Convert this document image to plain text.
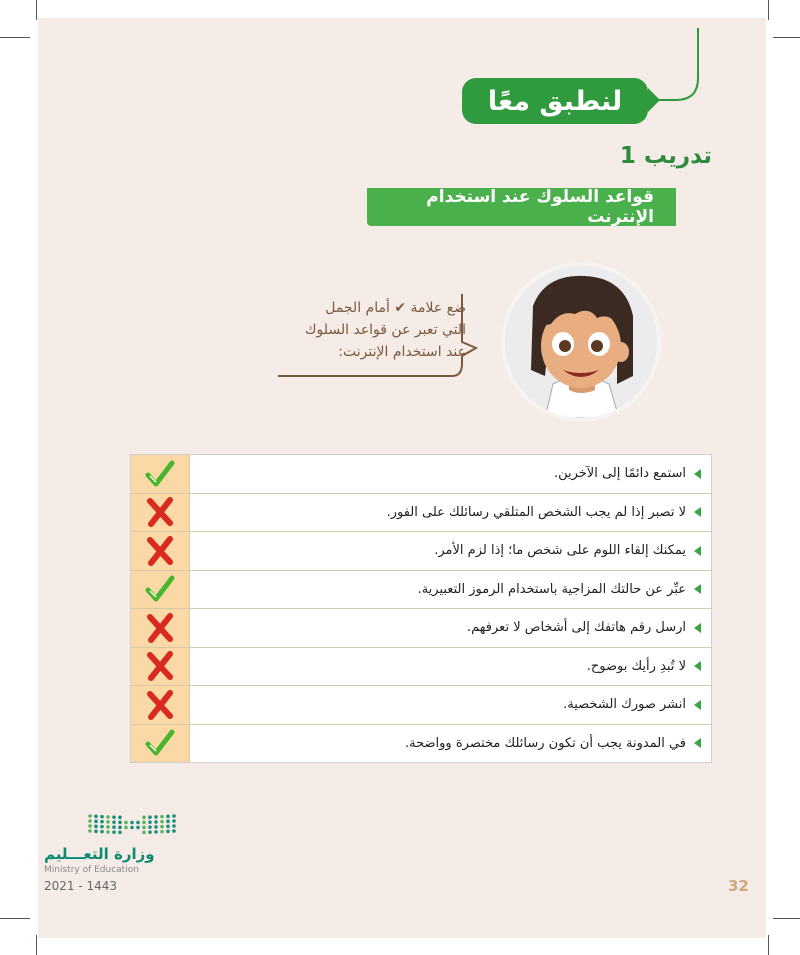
لنطبق معًا
تدريب 1
قواعد السلوك عند استخدام الإنترنت
ضع علامة ✔ أمام الجمل
التي تعبر عن قواعد السلوك
عند استخدام الإنترنت:
استمع دائمًا إلى الآخرين.
لا تصبر إذا لم يجب الشخص المتلقي رسائلك على الفور.
يمكنك إلقاء اللوم على شخص ما؛ إذا لزم الأمر.
عبِّر عن حالتك المزاجية باستخدام الرموز التعبيرية.
ارسل رقم هاتفك إلى أشخاص لا تعرفهم.
لا تُبدِ رأيك بوضوح.
انشر صورك الشخصية.
في المدونة يجب أن تكون رسائلك مختصرة وواضحة.
وزارة التعـــليم
Ministry of Education
2021 - 1443	32
